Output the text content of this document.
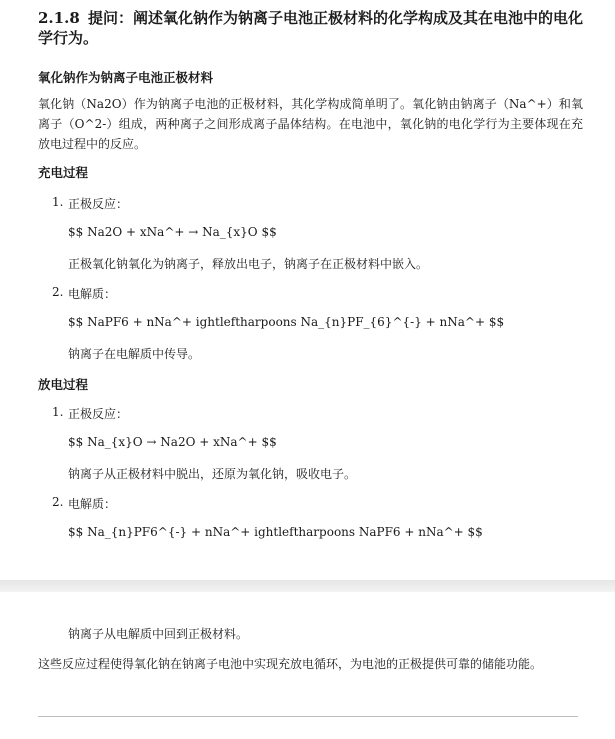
2.1.8 提问：阐述氧化钠作为钠离子电池正极材料的化学构成及其在电池中的电化学行为。
氧化钠作为钠离子电池正极材料
氧化钠（Na2O）作为钠离子电池的正极材料，其化学构成简单明了。氧化钠由钠离子（Na^+）和氧离子（O^2-）组成，两种离子之间形成离子晶体结构。在电池中，氧化钠的电化学行为主要体现在充放电过程中的反应。
充电过程
1. 正极反应：
$$ Na2O + xNa^+ → Na_{x}O $$
正极氧化钠氧化为钠离子，释放出电子，钠离子在正极材料中嵌入。
2. 电解质：
$$ NaPF6 + nNa^+ ightleftharpoons Na_{n}PF_{6}^{-} + nNa^+ $$
钠离子在电解质中传导。
放电过程
1. 正极反应：
$$ Na_{x}O → Na2O + xNa^+ $$
钠离子从正极材料中脱出，还原为氧化钠，吸收电子。
2. 电解质：
$$ Na_{n}PF6^{-} + nNa^+ ightleftharpoons NaPF6 + nNa^+ $$
钠离子从电解质中回到正极材料。
这些反应过程使得氧化钠在钠离子电池中实现充放电循环，为电池的正极提供可靠的储能功能。
